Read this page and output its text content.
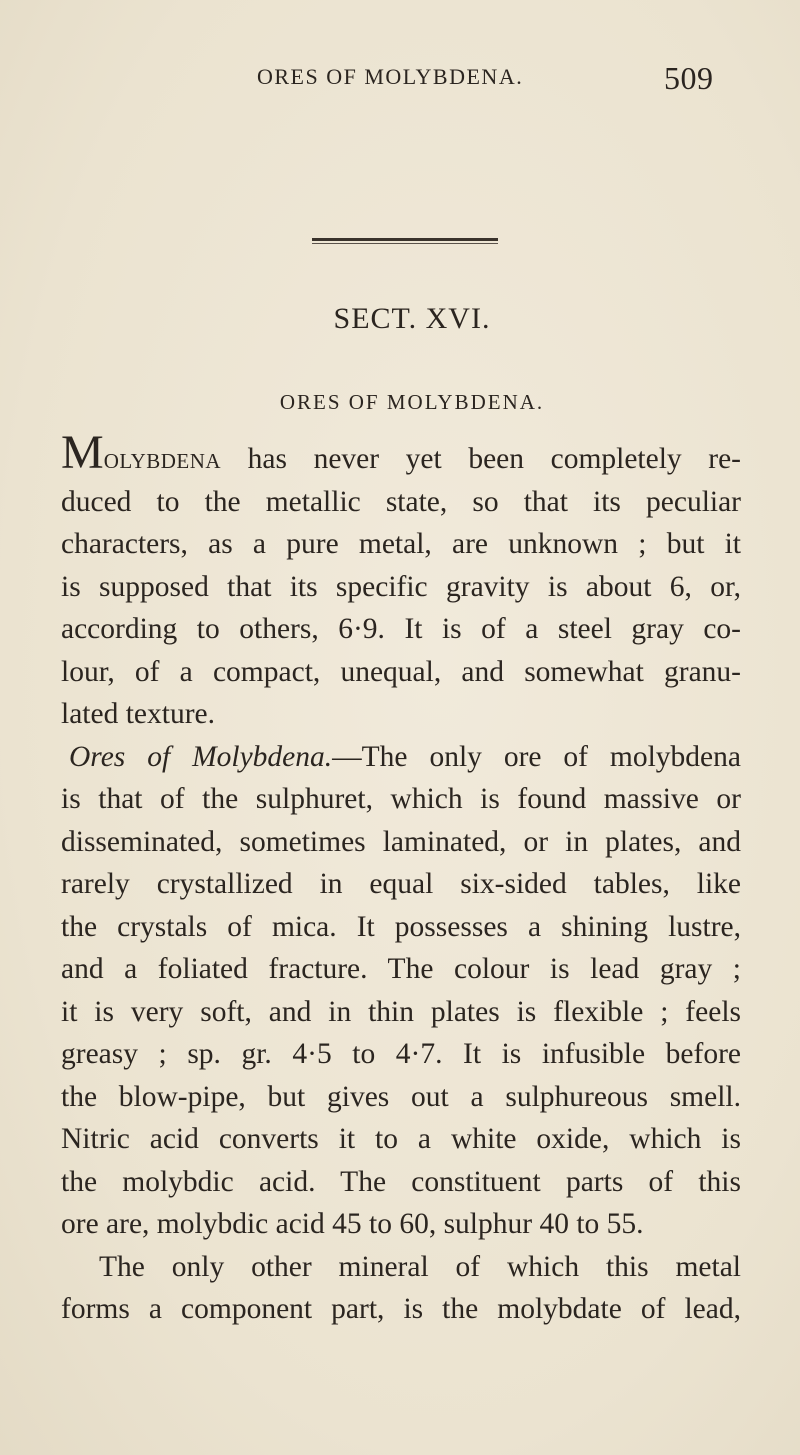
ORES OF MOLYBDENA.	509
SECT. XVI.
ORES OF MOLYBDENA.
Molybdena has never yet been completely re-
duced to the metallic state, so that its peculiar
characters, as a pure metal, are unknown ; but it
is supposed that its specific gravity is about 6, or,
according to others, 6·9. It is of a steel gray co-
lour, of a compact, unequal, and somewhat granu-
lated texture.
Ores of Molybdena.—The only ore of molybdena
is that of the sulphuret, which is found massive or
disseminated, sometimes laminated, or in plates, and
rarely crystallized in equal six-sided tables, like
the crystals of mica. It possesses a shining lustre,
and a foliated fracture. The colour is lead gray ;
it is very soft, and in thin plates is flexible ; feels
greasy ; sp. gr. 4·5 to 4·7. It is infusible before
the blow-pipe, but gives out a sulphureous smell.
Nitric acid converts it to a white oxide, which is
the molybdic acid. The constituent parts of this
ore are, molybdic acid 45 to 60, sulphur 40 to 55.
The only other mineral of which this metal
forms a component part, is the molybdate of lead,
